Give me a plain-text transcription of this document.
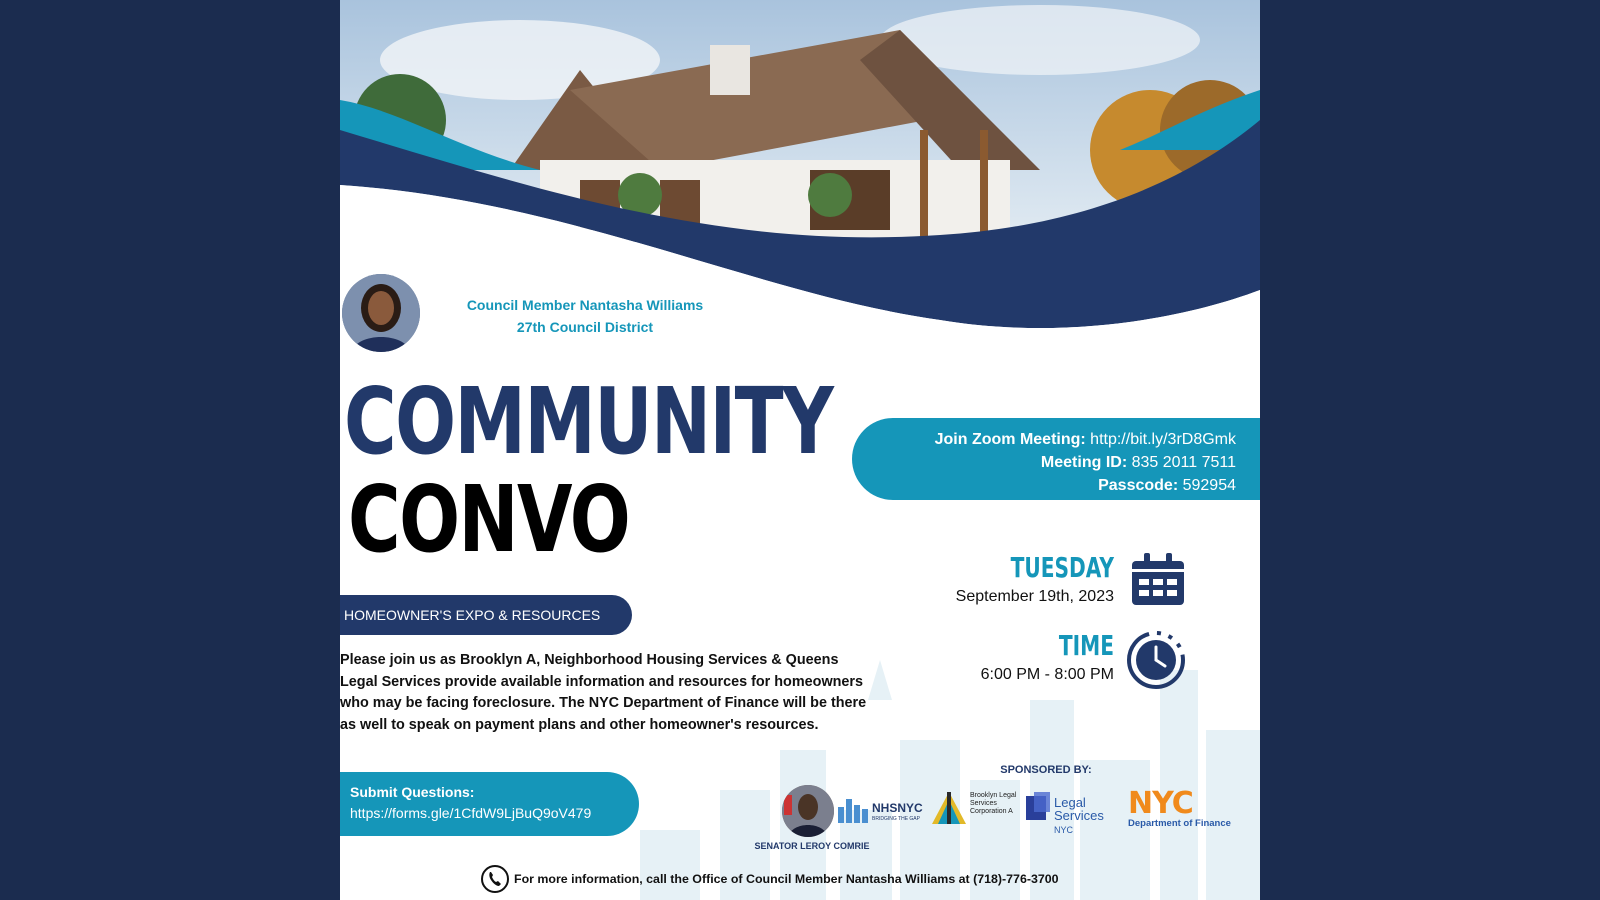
Council Member Nantasha Williams
27th Council District
COMMUNITY
CONVO
HOMEOWNER'S EXPO & RESOURCES
Please join us as Brooklyn A, Neighborhood Housing Services & Queens Legal Services provide available information and resources for homeowners who may be facing foreclosure. The NYC Department of Finance will be there as well to speak on payment plans and other homeowner's resources.
Submit Questions:
https://forms.gle/1CfdW9LjBuQ9oV479
Join Zoom Meeting: http://bit.ly/3rD8Gmk
Meeting ID: 835 2011 7511
Passcode: 592954
TUESDAY
September 19th, 2023
TIME
6:00 PM - 8:00 PM
SPONSORED BY:
SENATOR LEROY COMRIE
NHSNYC
BRIDGING THE GAP
Brooklyn Legal Services Corporation A
Legal
Services NYC
NYC
Department of Finance
For more information, call the Office of Council Member Nantasha Williams at (718)-776-3700
